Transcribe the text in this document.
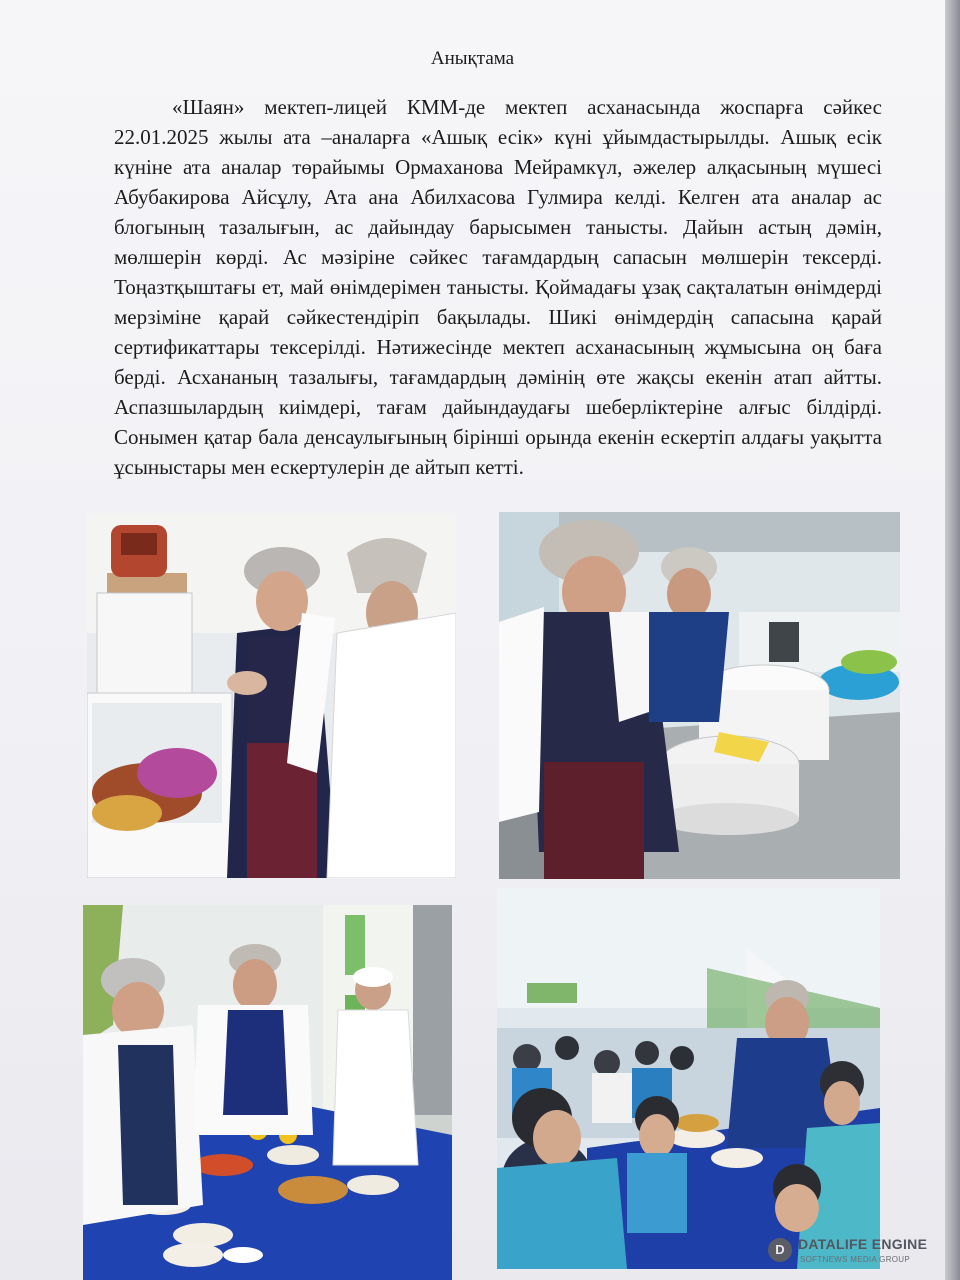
Анықтама

«Шаян» мектеп-лицей КММ-де мектеп асханасында жоспарға сәйкес 22.01.2025 жылы ата –аналарға «Ашық есік» күні ұйымдастырылды. Ашық есік күніне ата аналар төрайымы Ормаханова Мейрамкүл, әжелер алқасының мүшесі Абубакирова Айсұлу, Ата ана Абилхасова Гулмира келді. Келген ата аналар ас блогының тазалығын, ас дайындау барысымен танысты. Дайын астың дәмін, мөлшерін көрді. Ас мәзіріне сәйкес тағамдардың сапасын мөлшерін тексерді. Тоңазтқыштағы ет, май өнімдерімен танысты. Қоймадағы ұзақ сақталатын өнімдерді мерзіміне қарай сәйкестендіріп бақылады. Шикі өнімдердің сапасына қарай сертификаттары тексерілді. Нәтижесінде мектеп асханасының жұмысына оң баға берді. Асхананың тазалығы, тағамдардың дәмінің өте жақсы екенін атап айтты. Аспазшылардың киімдері, тағам дайындаудағы шеберліктеріне алғыс білдірді. Сонымен қатар бала денсаулығының бірінші орында екенін ескертіп алдағы уақытта ұсыныстары мен ескертулерін де айтып кетті.

D DATALIFE ENGINE
SOFTNEWS MEDIA GROUP
